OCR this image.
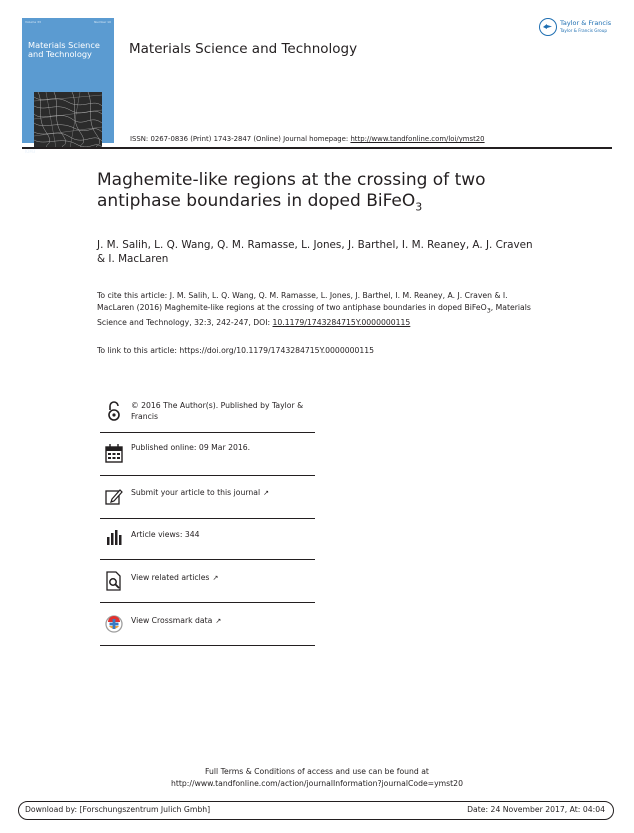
Volume 33	Number 10
Materials Science and Technology
IOM3
Materials Science and Technology
Taylor & Francis
Taylor & Francis Group
ISSN: 0267-0836 (Print) 1743-2847 (Online) Journal homepage: http://www.tandfonline.com/loi/ymst20
Maghemite-like regions at the crossing of two antiphase boundaries in doped BiFeO$_3$
J. M. Salih, L. Q. Wang, Q. M. Ramasse, L. Jones, J. Barthel, I. M. Reaney, A. J. Craven & I. MacLaren
To cite this article: J. M. Salih, L. Q. Wang, Q. M. Ramasse, L. Jones, J. Barthel, I. M. Reaney, A. J. Craven & I. MacLaren (2016) Maghemite-like regions at the crossing of two antiphase boundaries in doped BiFeO$_3$, Materials Science and Technology, 32:3, 242-247, DOI: 10.1179/1743284715Y.0000000115
To link to this article: https://doi.org/10.1179/1743284715Y.0000000115
© 2016 The Author(s). Published by Taylor & Francis
Published online: 09 Mar 2016.
Submit your article to this journal ↗
Article views: 344
View related articles ↗
View Crossmark data ↗
Full Terms & Conditions of access and use can be found at
http://www.tandfonline.com/action/journalInformation?journalCode=ymst20
Download by: [Forschungszentrum Julich Gmbh]	Date: 24 November 2017, At: 04:04
